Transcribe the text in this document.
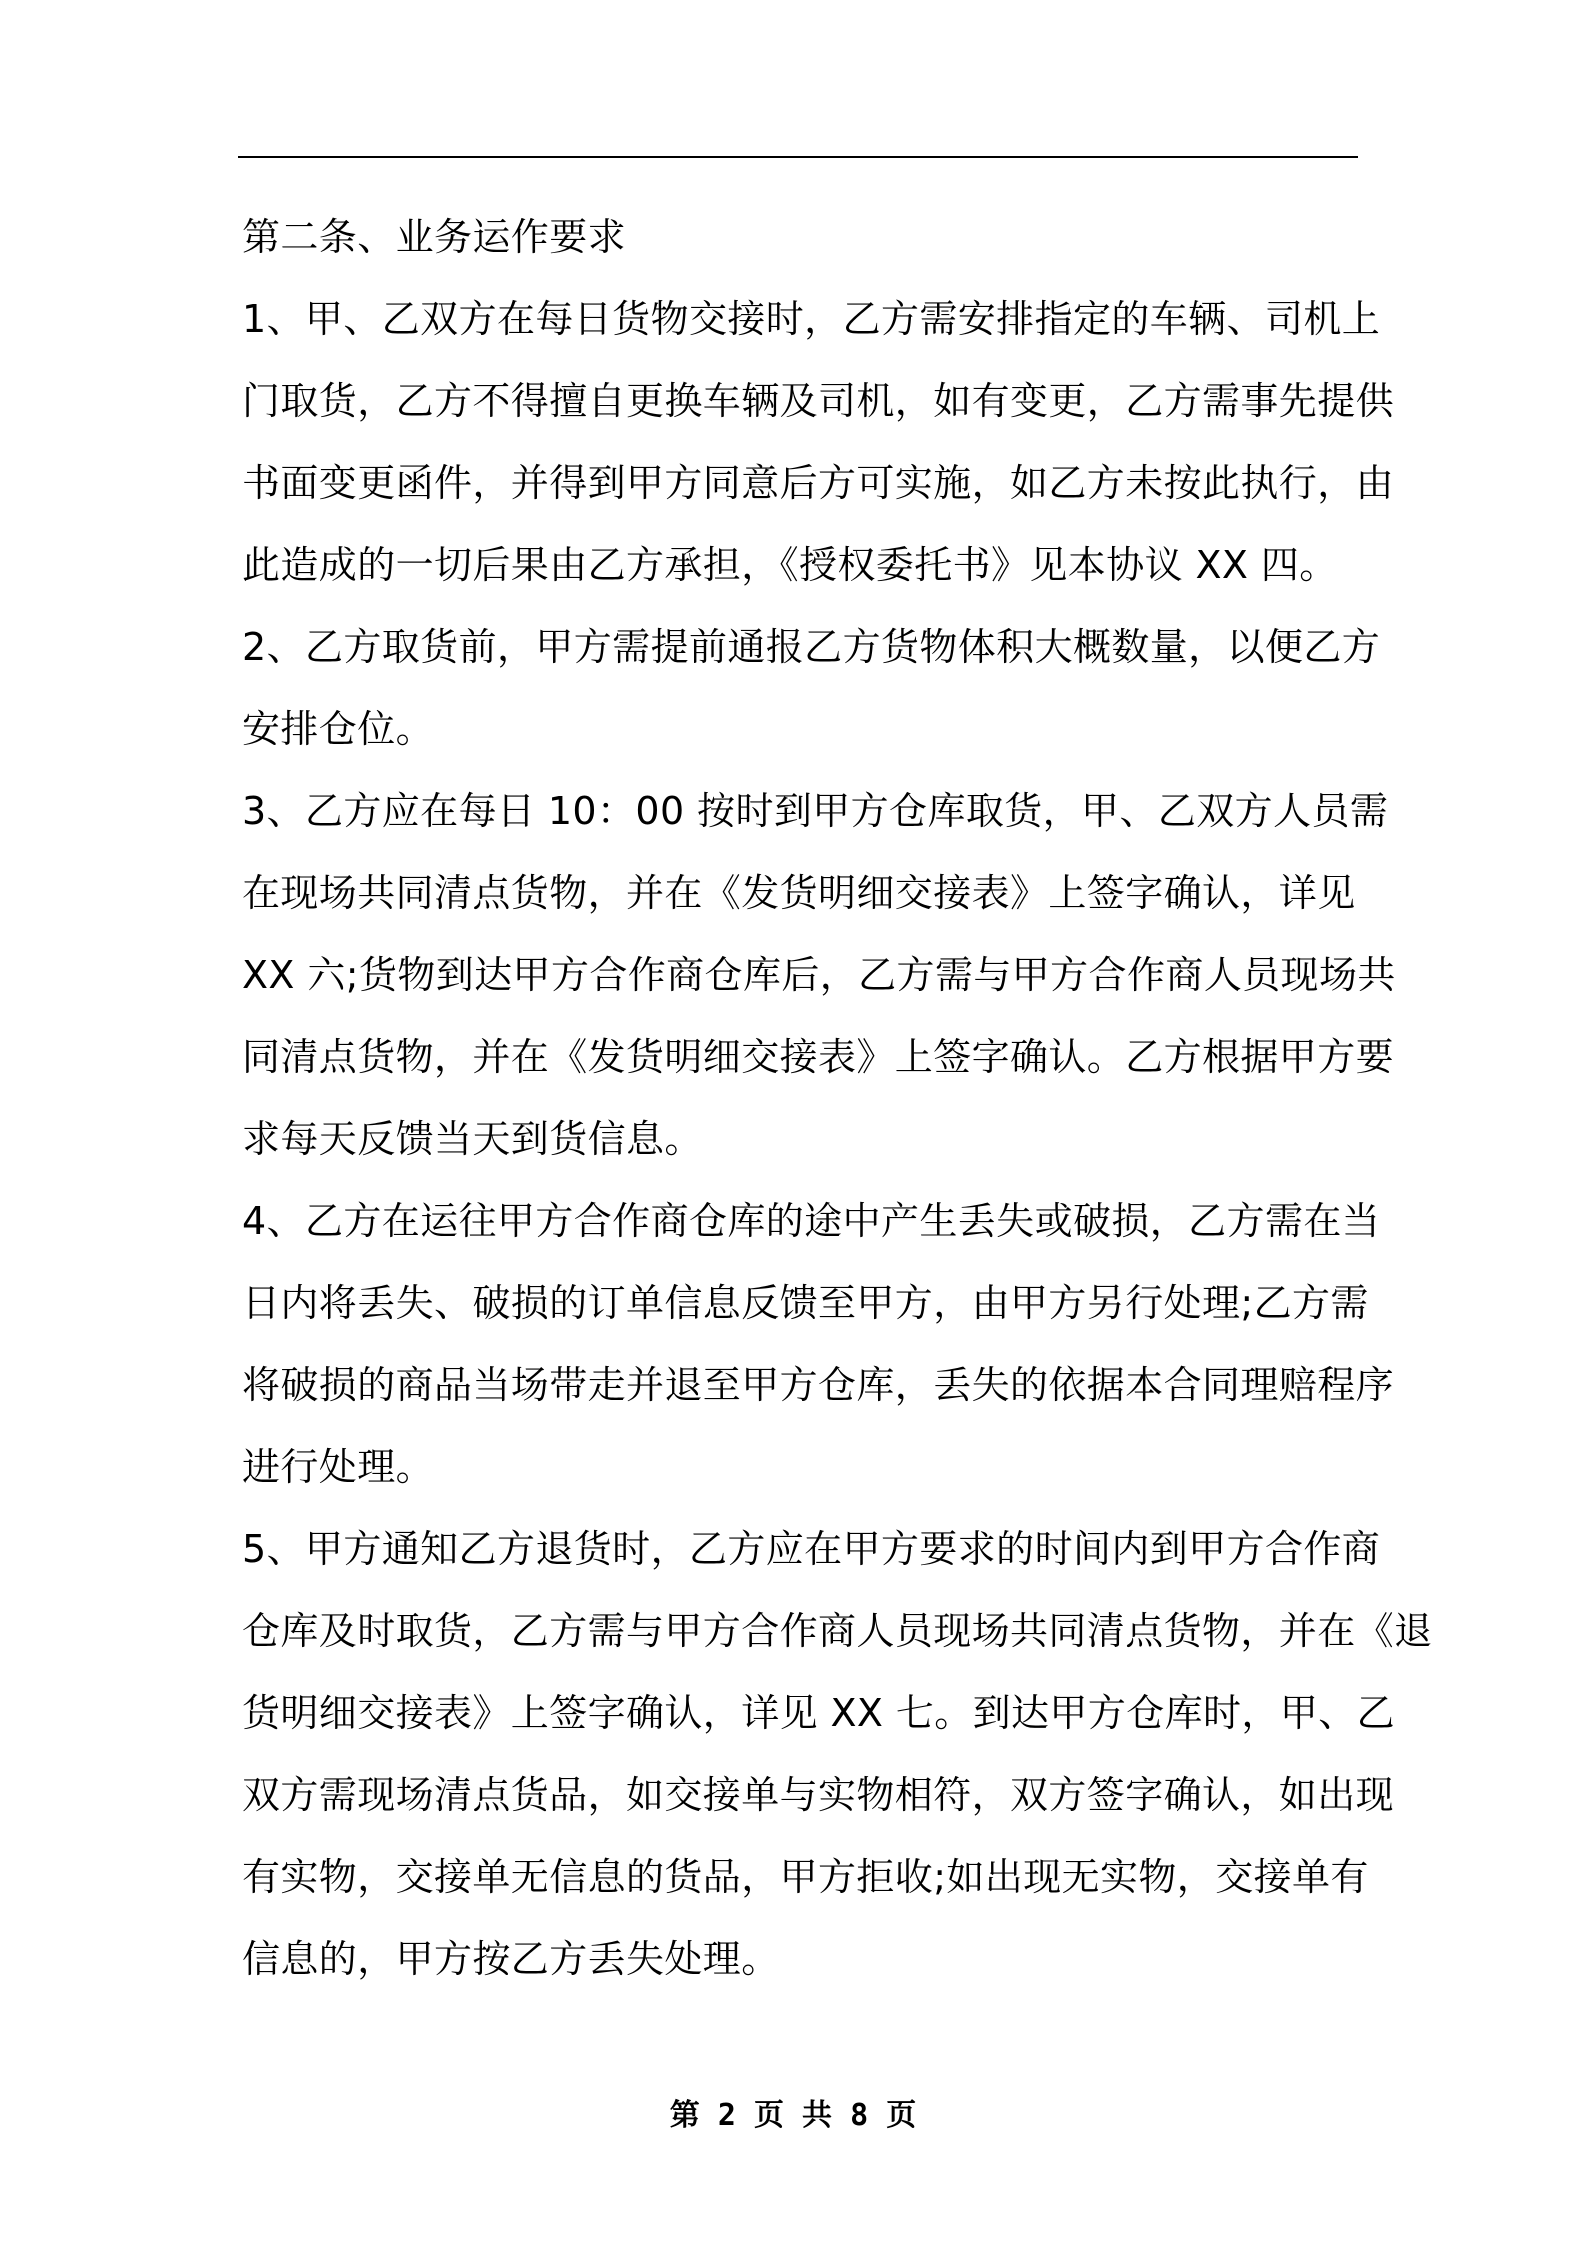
第二条、业务运作要求
1、甲、乙双方在每日货物交接时，乙方需安排指定的车辆、司机上
门取货，乙方不得擅自更换车辆及司机，如有变更，乙方需事先提供
书面变更函件，并得到甲方同意后方可实施，如乙方未按此执行，由
此造成的一切后果由乙方承担，《授权委托书》见本协议 XX 四。
2、乙方取货前，甲方需提前通报乙方货物体积大概数量，以便乙方
安排仓位。
3、乙方应在每日 10：00 按时到甲方仓库取货，甲、乙双方人员需
在现场共同清点货物，并在《发货明细交接表》上签字确认，详见
XX 六;货物到达甲方合作商仓库后，乙方需与甲方合作商人员现场共
同清点货物，并在《发货明细交接表》上签字确认。乙方根据甲方要
求每天反馈当天到货信息。
4、乙方在运往甲方合作商仓库的途中产生丢失或破损，乙方需在当
日内将丢失、破损的订单信息反馈至甲方，由甲方另行处理;乙方需
将破损的商品当场带走并退至甲方仓库，丢失的依据本合同理赔程序
进行处理。
5、甲方通知乙方退货时，乙方应在甲方要求的时间内到甲方合作商
仓库及时取货，乙方需与甲方合作商人员现场共同清点货物，并在《退
货明细交接表》上签字确认，详见 XX 七。到达甲方仓库时，甲、乙
双方需现场清点货品，如交接单与实物相符，双方签字确认，如出现
有实物，交接单无信息的货品，甲方拒收;如出现无实物，交接单有
信息的，甲方按乙方丢失处理。
第 2 页 共 8 页
